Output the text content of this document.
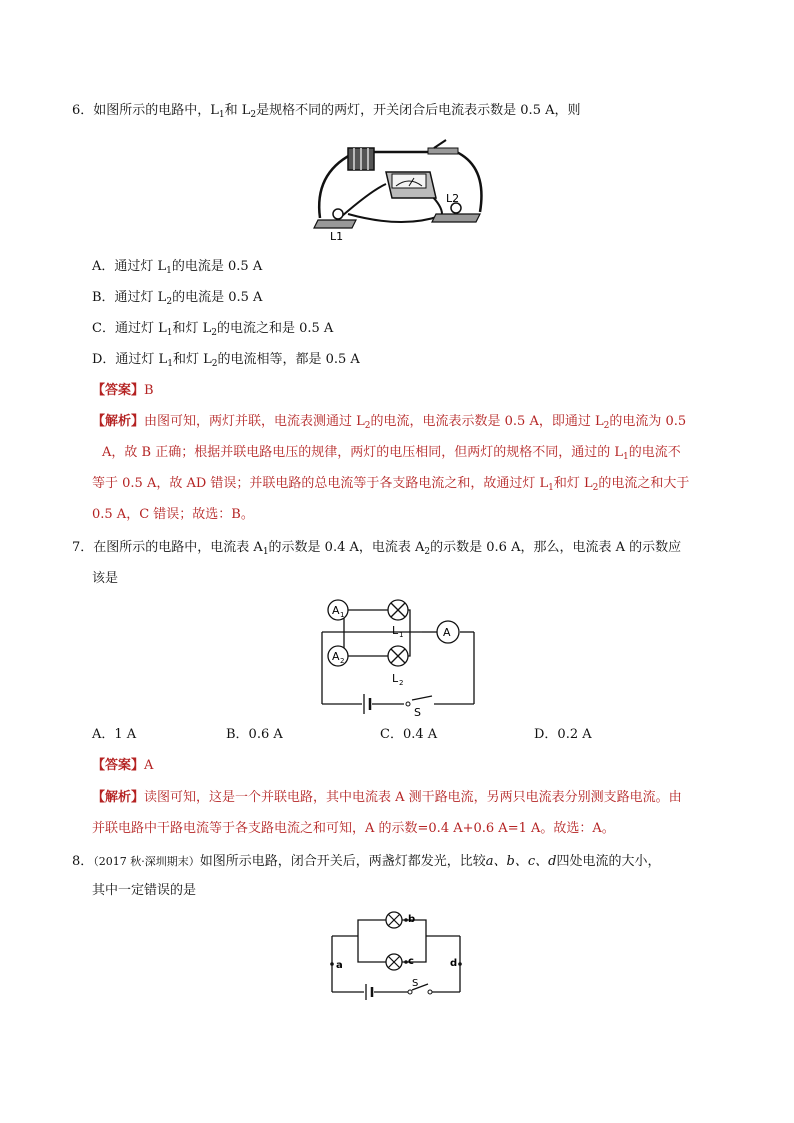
6．如图所示的电路中，$L_1$和 $L_2$是规格不同的两灯，开关闭合后电流表示数是 0.5 A，则
L1
L2
A．通过灯 $L_1$的电流是 0.5 A
B．通过灯 $L_2$的电流是 0.5 A
C．通过灯 $L_1$和灯 $L_2$的电流之和是 0.5 A
D．通过灯 $L_1$和灯 $L_2$的电流相等，都是 0.5 A
【答案】B
【解析】由图可知，两灯并联，电流表测通过 $L_2$的电流，电流表示数是 0.5 A，即通过 $L_2$的电流为 0.5
A，故 B 正确；根据并联电路电压的规律，两灯的电压相同，但两灯的规格不同，通过的 $L_1$的电流不
等于 0.5 A，故 AD 错误；并联电路的总电流等于各支路电流之和，故通过灯 $L_1$和灯 $L_2$的电流之和大于
0.5 A，C 错误；故选：B。
7．在图所示的电路中，电流表 $A_1$的示数是 0.4 A，电流表 $A_2$的示数是 0.6 A，那么，电流表 A 的示数应
该是
S
A 1
L 1
A 2
L 2
A
A．1 A	B．0.6 A	C．0.4 A	D．0.2 A
【答案】A
【解析】读图可知，这是一个并联电路，其中电流表 A 测干路电流，另两只电流表分别测支路电流。由
并联电路中干路电流等于各支路电流之和可知，A 的示数=0.4 A+0.6 A=1 A。故选：A。
8．（2017 秋·深圳期末）如图所示电路，闭合开关后，两盏灯都发光，比较a、b、c、d四处电流的大小，
其中一定错误的是
S
b
c
a	d
